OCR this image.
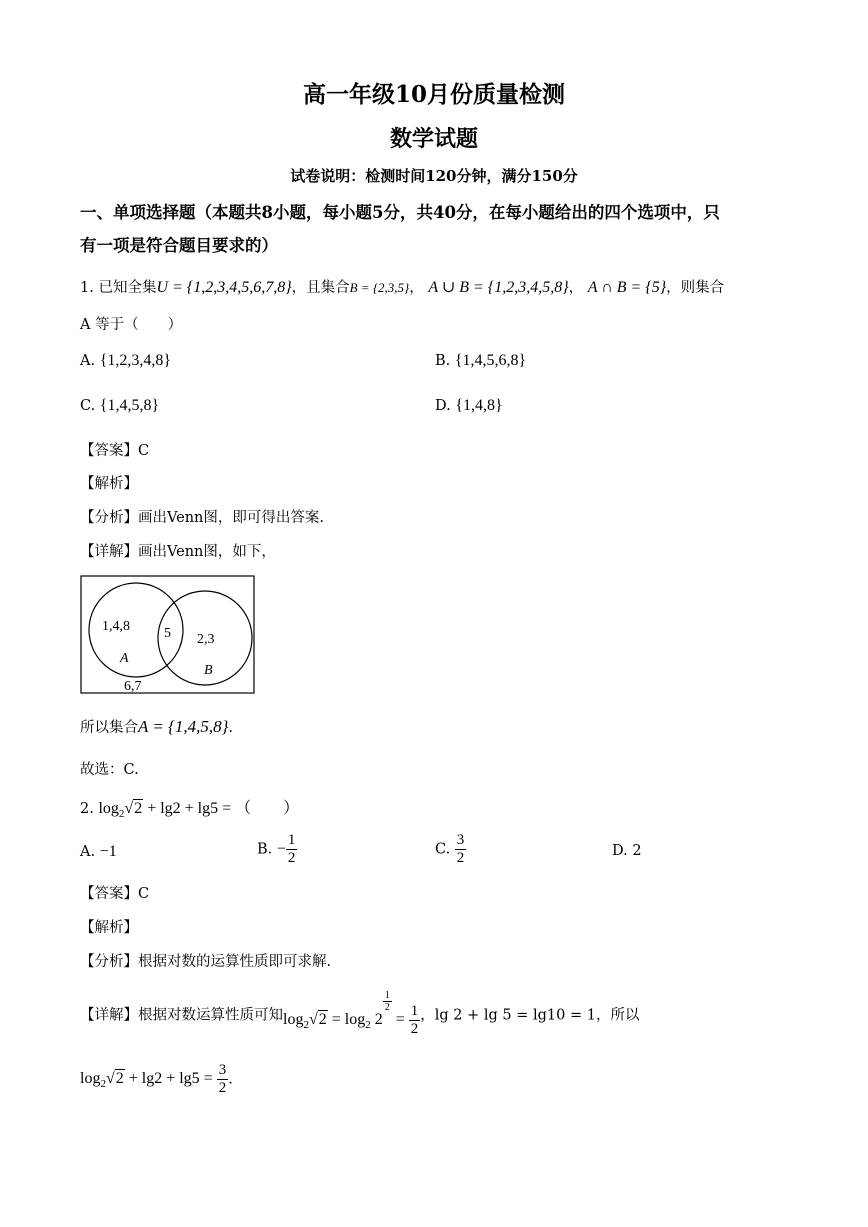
高一年级10月份质量检测
数学试题
试卷说明：检测时间120分钟，满分150分
一、单项选择题（本题共8小题，每小题5分，共40分，在每小题给出的四个选项中，只
有一项是符合题目要求的）
1. 已知全集U = {1,2,3,4,5,6,7,8}，且集合B = {2,3,5}， A ∪ B = {1,2,3,4,5,8}， A ∩ B = {5}，则集合
A 等于（　　）
A. {1,2,3,4,8}	B. {1,4,5,6,8}
C. {1,4,5,8}	D. {1,4,8}
【答案】C
【解析】
【分析】画出Venn图，即可得出答案.
【详解】画出Venn图，如下，
1,4,8 5 2,3
A
B
6,7
所以集合A = {1,4,5,8}.
故选：C.
2. $\log_2√2 + \lg 2 + \lg 5$ = （　　）
A. −1	B. − $\frac{1}{2}$	C. $\frac{3}{2}$	D. 2
【答案】C
【解析】
【分析】根据对数的运算性质即可求解.
【详解】根据对数运算性质可知$\log_2√2 = \log_2 2$
$\frac{1}{2}$
= $\frac{1}{2}$ ，lg 2 + lg 5 = lg10 = 1，所以
$\log_2√2 + \lg 2 + \lg 5 = \frac{3}{2}$ .
